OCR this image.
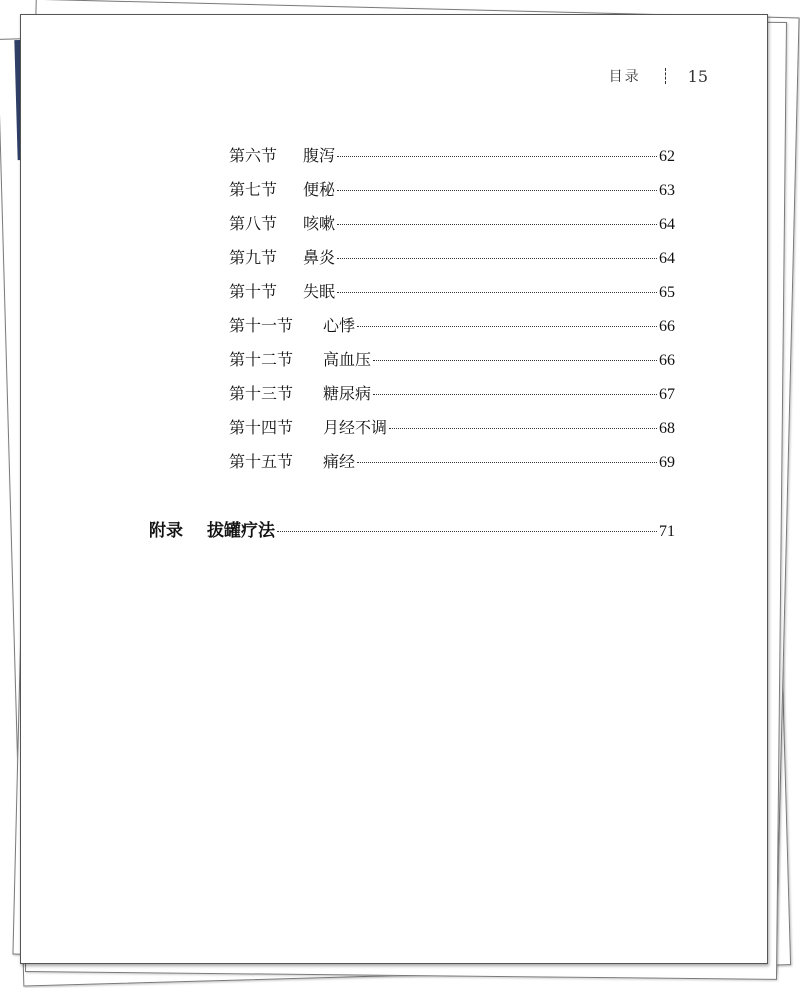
目录	15
第六节	腹泻	62
第七节	便秘	63
第八节	咳嗽	64
第九节	鼻炎	64
第十节	失眠	65
第十一节	心悸	66
第十二节	高血压	66
第十三节	糖尿病	67
第十四节	月经不调	68
第十五节	痛经	69
附录	拔罐疗法	71
